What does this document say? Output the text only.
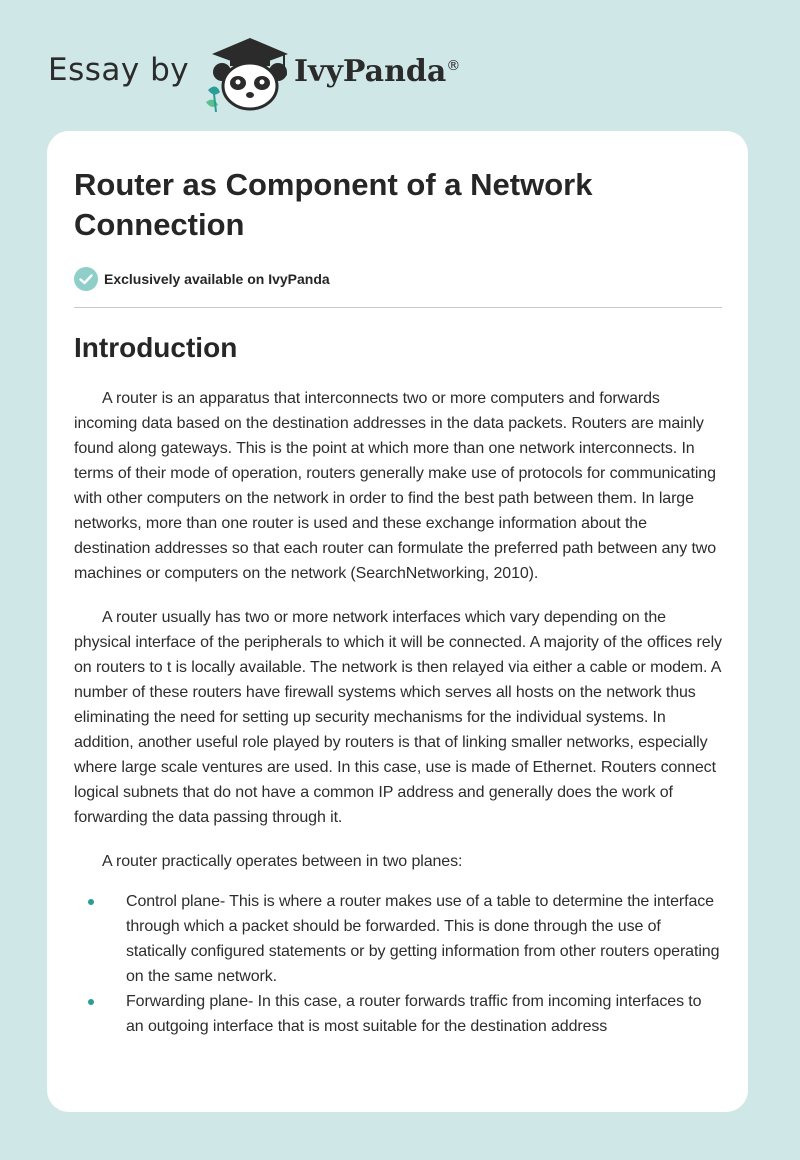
Essay by	IvyPanda®
Router as Component of a Network Connection
Exclusively available on IvyPanda
Introduction

A router is an apparatus that interconnects two or more computers and forwards incoming data based on the destination addresses in the data packets. Routers are mainly found along gateways. This is the point at which more than one network interconnects. In terms of their mode of operation, routers generally make use of protocols for communicating with other computers on the network in order to find the best path between them. In large networks, more than one router is used and these exchange information about the destination addresses so that each router can formulate the preferred path between any two machines or computers on the network (SearchNetworking, 2010).

A router usually has two or more network interfaces which vary depending on the physical interface of the peripherals to which it will be connected. A majority of the offices rely on routers to t is locally available. The network is then relayed via either a cable or modem. A number of these routers have firewall systems which serves all hosts on the network thus eliminating the need for setting up security mechanisms for the individual systems. In addition, another useful role played by routers is that of linking smaller networks, especially where large scale ventures are used. In this case, use is made of Ethernet. Routers connect logical subnets that do not have a common IP address and generally does the work of forwarding the data passing through it.

A router practically operates between in two planes:

Control plane- This is where a router makes use of a table to determine the interface through which a packet should be forwarded. This is done through the use of statically configured statements or by getting information from other routers operating on the same network.
Forwarding plane- In this case, a router forwards traffic from incoming interfaces to an outgoing interface that is most suitable for the destination address
